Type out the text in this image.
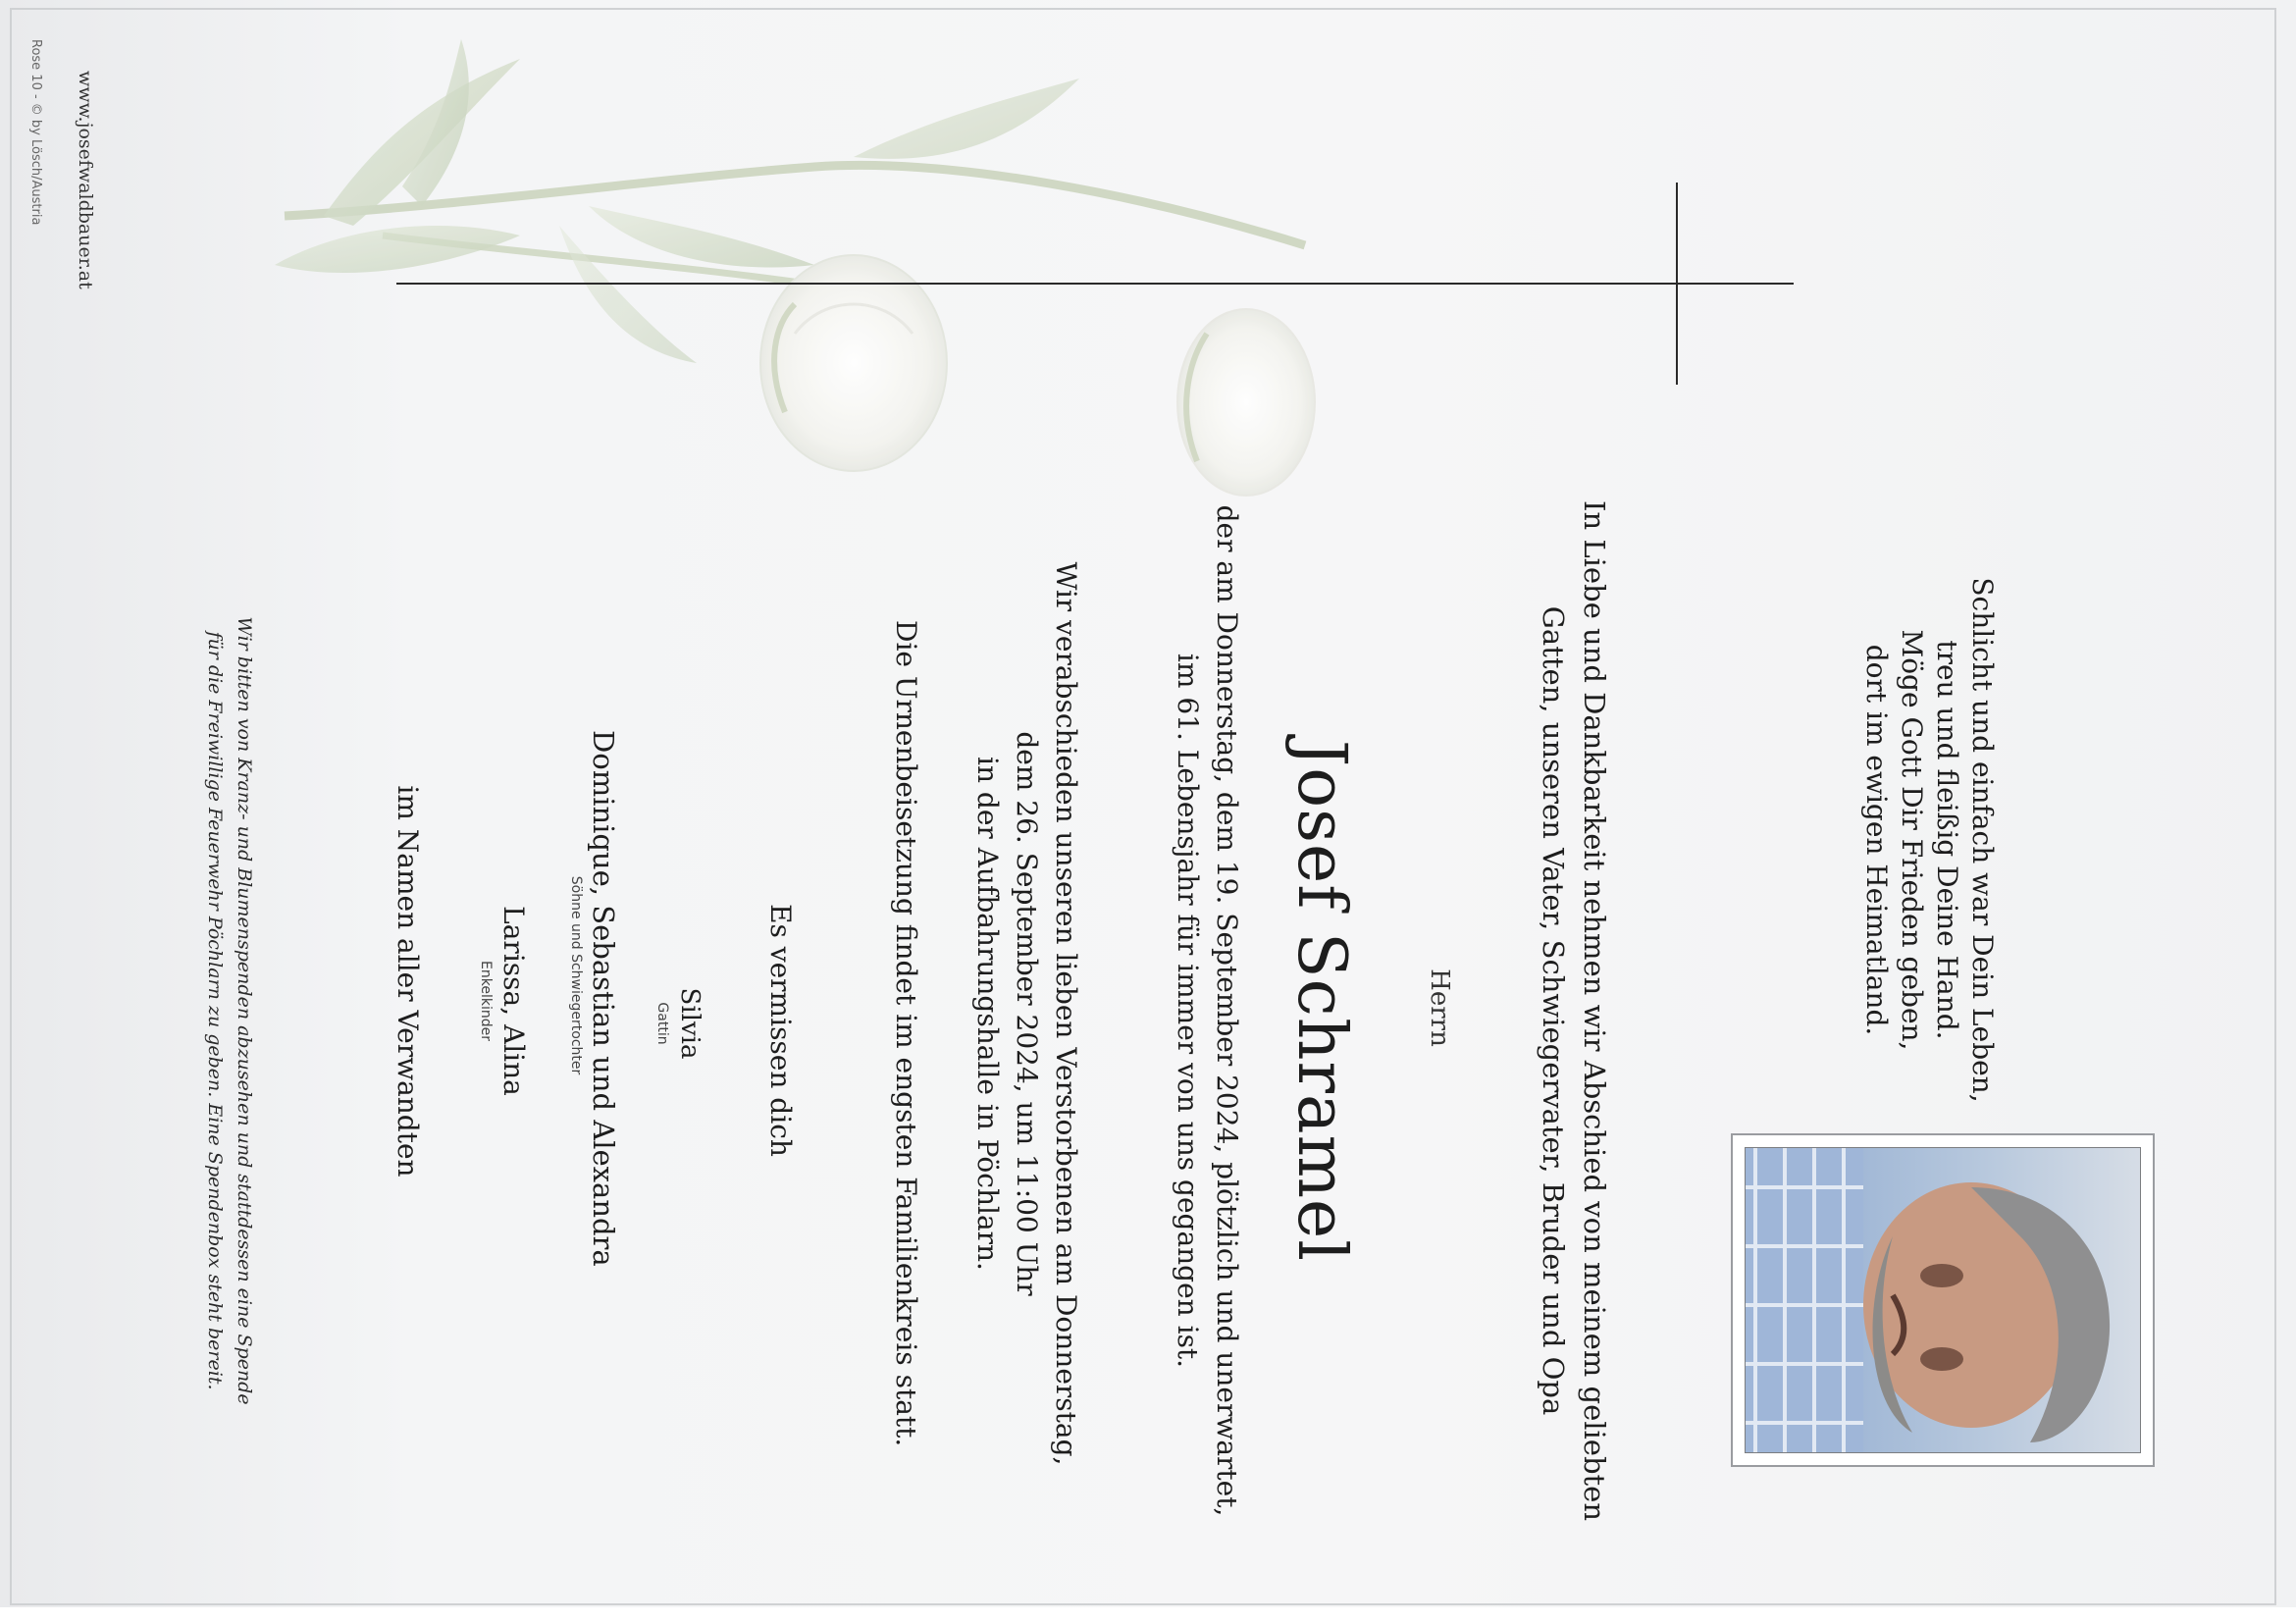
Rose 10 - © by Lösch/Austria www.josefwaldbauer.at
Schlicht und einfach war Dein Leben,
treu und fleißig Deine Hand.
Möge Gott Dir Frieden geben,
dort im ewigen Heimatland.
In Liebe und Dankbarkeit nehmen wir Abschied von meinem geliebten
Gatten, unseren Vater, Schwiegervater, Bruder und Opa
Herrn
Josef Schramel
der am Donnerstag, dem 19. September 2024, plötzlich und unerwartet,
im 61. Lebensjahr für immer von uns gegangen ist.
Wir verabschieden unseren lieben Verstorbenen am Donnerstag,
dem 26. September 2024, um 11:00 Uhr
in der Aufbahrungshalle in Pöchlarn.
Die Urnenbeisetzung findet im engsten Familienkreis statt.
Es vermissen dich
Silvia
Gattin
Dominique, Sebastian und Alexandra
Söhne und Schwiegertochter
Larissa, Alina
Enkelkinder
im Namen aller Verwandten
Wir bitten von Kranz- und Blumenspenden abzusehen und stattdessen eine Spende
für die Freiwillige Feuerwehr Pöchlarn zu geben. Eine Spendenbox steht bereit.
